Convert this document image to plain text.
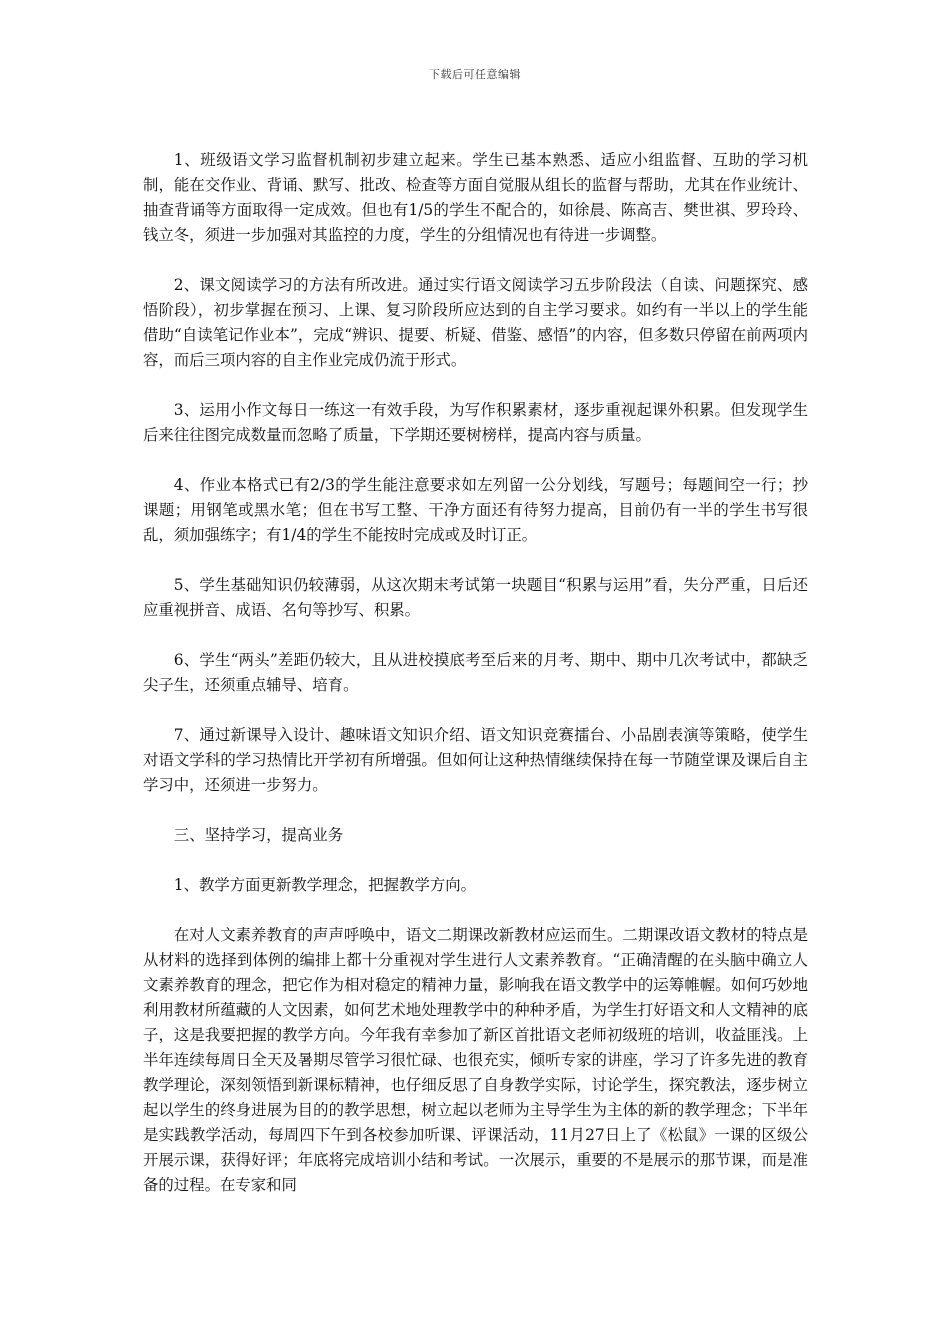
下载后可任意编辑

1、班级语文学习监督机制初步建立起来。学生已基本熟悉、适应小组监督、互助的学习机制，能在交作业、背诵、默写、批改、检查等方面自觉服从组长的监督与帮助，尤其在作业统计、抽查背诵等方面取得一定成效。但也有1/5的学生不配合的，如徐晨、陈高吉、樊世祺、罗玲玲、钱立冬，须进一步加强对其监控的力度，学生的分组情况也有待进一步调整。

2、课文阅读学习的方法有所改进。通过实行语文阅读学习五步阶段法（自读、问题探究、感悟阶段），初步掌握在预习、上课、复习阶段所应达到的自主学习要求。如约有一半以上的学生能借助“自读笔记作业本”，完成“辨识、提要、析疑、借鉴、感悟”的内容，但多数只停留在前两项内容，而后三项内容的自主作业完成仍流于形式。

3、运用小作文每日一练这一有效手段，为写作积累素材，逐步重视起课外积累。但发现学生后来往往图完成数量而忽略了质量，下学期还要树榜样，提高内容与质量。

4、作业本格式已有2/3的学生能注意要求如左列留一公分划线，写题号；每题间空一行；抄课题；用钢笔或黑水笔；但在书写工整、干净方面还有待努力提高，目前仍有一半的学生书写很乱，须加强练字；有1/4的学生不能按时完成或及时订正。

5、学生基础知识仍较薄弱，从这次期末考试第一块题目“积累与运用”看，失分严重，日后还应重视拼音、成语、名句等抄写、积累。

6、学生“两头”差距仍较大，且从进校摸底考至后来的月考、期中、期中几次考试中，都缺乏尖子生，还须重点辅导、培育。

7、通过新课导入设计、趣味语文知识介绍、语文知识竞赛擂台、小品剧表演等策略，使学生对语文学科的学习热情比开学初有所增强。但如何让这种热情继续保持在每一节随堂课及课后自主学习中，还须进一步努力。

三、坚持学习，提高业务

1、教学方面更新教学理念，把握教学方向。

在对人文素养教育的声声呼唤中，语文二期课改新教材应运而生。二期课改语文教材的特点是从材料的选择到体例的编排上都十分重视对学生进行人文素养教育。“正确清醒的在头脑中确立人文素养教育的理念，把它作为相对稳定的精神力量，影响我在语文教学中的运筹帷幄。如何巧妙地利用教材所蕴藏的人文因素，如何艺术地处理教学中的种种矛盾，为学生打好语文和人文精神的底子，这是我要把握的教学方向。今年我有幸参加了新区首批语文老师初级班的培训，收益匪浅。上半年连续每周日全天及暑期尽管学习很忙碌、也很充实，倾听专家的讲座，学习了许多先进的教育教学理论，深刻领悟到新课标精神，也仔细反思了自身教学实际，讨论学生，探究教法，逐步树立起以学生的终身进展为目的的教学思想，树立起以老师为主导学生为主体的新的教学理念；下半年是实践教学活动，每周四下午到各校参加听课、评课活动，11月27日上了《松鼠》一课的区级公开展示课，获得好评；年底将完成培训小结和考试。一次展示，重要的不是展示的那节课，而是准备的过程。在专家和同
